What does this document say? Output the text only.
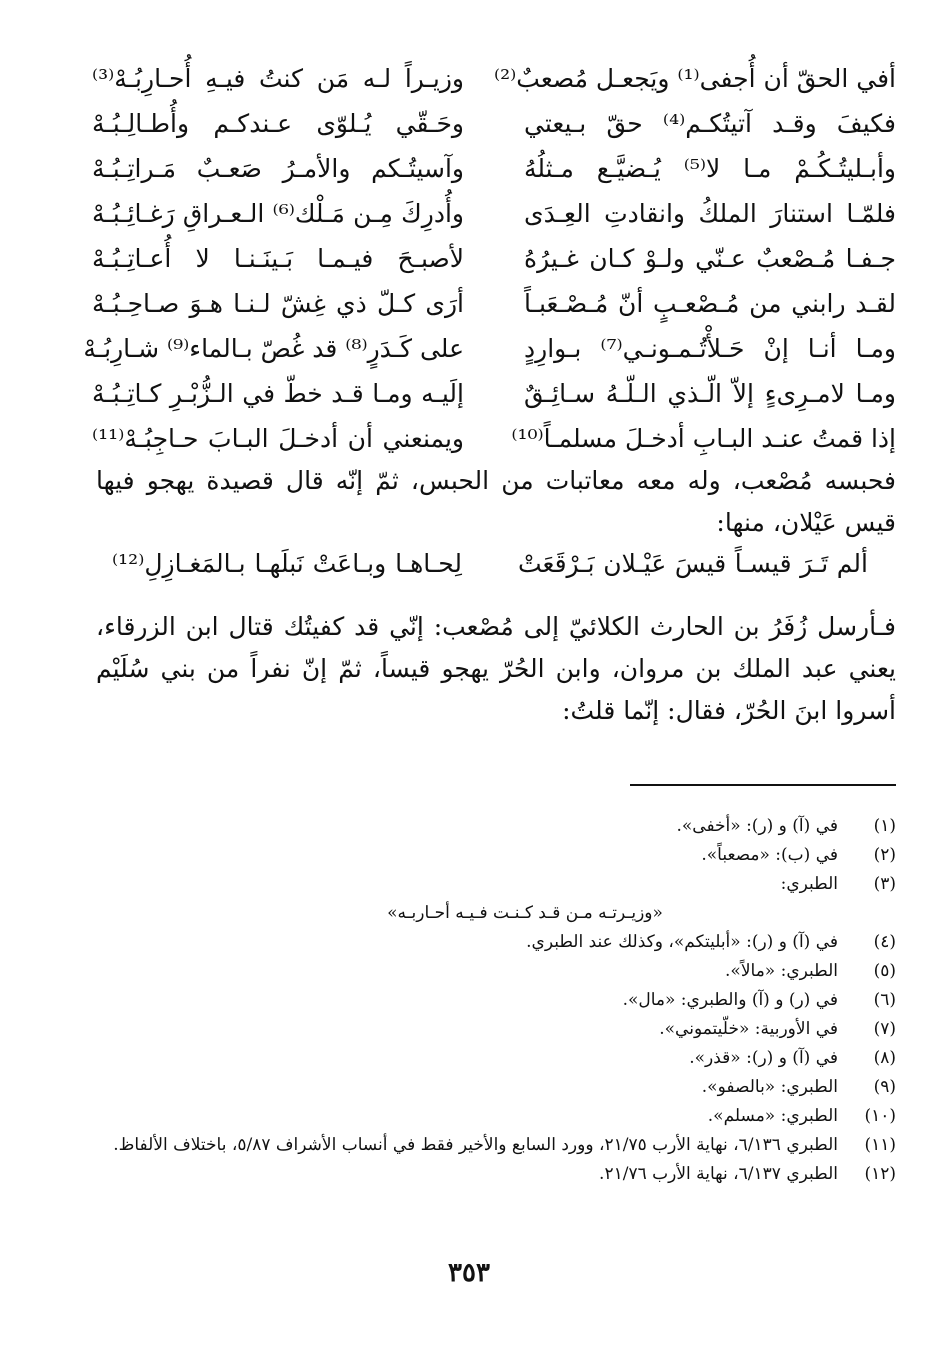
أفي الحقّ أن أُجفى⁽¹⁾ ويَجعـل مُصعبٌ⁽²⁾
وزيـراً لـه مَن كنتُ فيـهِ أُحـارِبُـهْ⁽³⁾
فكيفَ وقـد آتيتُكـم⁽⁴⁾ حقّ بـيعتي
وحَـقّي يُـلوّى عـندكـم وأُطـالِـبُـهْ
وأبـليتُـكُـمْ مـا لا⁽⁵⁾ يُـضيَّـع مـثلُهُ
وآسيتُـكم والأمـرُ صَعـبٌ مَـراتِـبُـهْ
فلمّـا استنارَ الملكُ وانقادتِ العِـدَى
وأُدرِكَ مِـن مَـلْك⁽⁶⁾ الـعـراقِ رَغـائِـبُـهْ
جـفـا مُـصْعبٌ عـنّي ولـوْ كـان غـيرُهُ
لأصبـحَ فيـمـا بَـينَـنـا لا أُعـاتِـبُـهْ
لقـد رابني من مُـصْعـبٍ أنّ مُـصْـعَبـاً
أرَى كـلّ ذي غِشّ لـنـا هـوَ صـاحِـبُـهْ
ومـا أنـا إنْ حَـلأْتُـمـونـي⁽⁷⁾ بـوارِدٍ
على كَـدَرٍ⁽⁸⁾ قد غُصّ بـالماء⁽⁹⁾ شـارِبُـهْ
ومـا لامـرِىءٍ إلاّ الّـذي الـلّـهُ سـائِـقٌ
إلَيـه ومـا قـد خطّ في الـزُّبْـرِ كـاتِـبُـهْ
إذا قمتُ عنـد البـابِ أدخـلَ مسلمـاً⁽¹⁰⁾
ويمنعني أن أدخـلَ البـابَ حـاجِبُـهْ⁽¹¹⁾

فحبسه مُصْعب، وله معه معاتبات من الحبس، ثمّ إنّه قال قصيدة يهجو فيها قيس عَيْلان، منها:

ألم تَـرَ قيسـاً قيسَ عَيْـلان بَـرْقَعَتْ
لِحـاهـا وبـاعَتْ نَبلَهـا بـالمَغـازِلِ⁽¹²⁾

فـأرسل زُفَرُ بن الحارث الكلائيّ إلى مُصْعب: إنّي قد كفيتُك قتال ابن الزرقاء، يعني عبد الملك بن مروان، وابن الحُرّ يهجو قيساً، ثمّ إنّ نفراً من بني سُلَيْم أسروا ابنَ الحُرّ، فقال: إنّما قلتُ:

(١)
في (آ) و (ر): «أخفى».
(٢)
في (ب): «مصعباً».
(٣)
الطبري:
«وزيـرتـه مـن قـد كـنـت فـيـه أحـاربـه»
(٤)
في (آ) و (ر): «أبليتكم»، وكذلك عند الطبري.
(٥)
الطبري: «مالاً».
(٦)
في (ر) و (آ) والطبري: «مال».
(٧)
في الأوربية: «خلّيتموني».
(٨)
في (آ) و (ر): «قذر».
(٩)
الطبري: «بالصفو».
(١٠)
الطبري: «مسلم».
(١١)
الطبري ٦/١٣٦، نهاية الأرب ٢١/٧٥، وورد السابع والأخير فقط في أنساب الأشراف ٥/٨٧، باختلاف الألفاظ.
(١٢)
الطبري ٦/١٣٧، نهاية الأرب ٢١/٧٦.
٣٥٣
